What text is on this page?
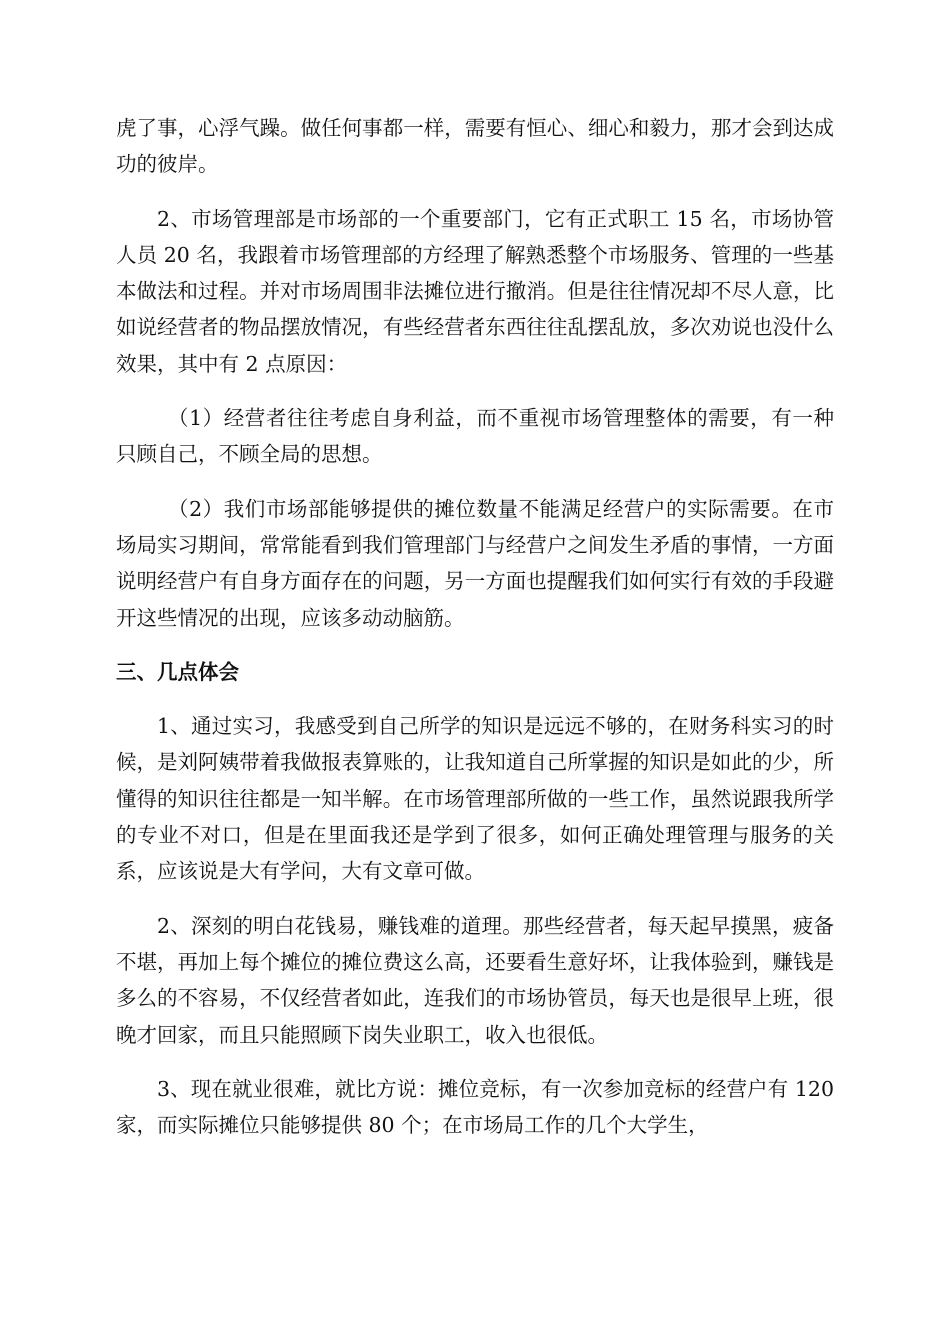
虎了事，心浮气躁。做任何事都一样，需要有恒心、细心和毅力，那才会到达成功的彼岸。

2、市场管理部是市场部的一个重要部门，它有正式职工 15 名，市场协管人员 20 名，我跟着市场管理部的方经理了解熟悉整个市场服务、管理的一些基本做法和过程。并对市场周围非法摊位进行撤消。但是往往情况却不尽人意，比如说经营者的物品摆放情况，有些经营者东西往往乱摆乱放，多次劝说也没什么效果，其中有 2 点原因：

（1）经营者往往考虑自身利益，而不重视市场管理整体的需要，有一种只顾自己，不顾全局的思想。

（2）我们市场部能够提供的摊位数量不能满足经营户的实际需要。在市场局实习期间，常常能看到我们管理部门与经营户之间发生矛盾的事情，一方面说明经营户有自身方面存在的问题，另一方面也提醒我们如何实行有效的手段避开这些情况的出现，应该多动动脑筋。

三、几点体会

1、通过实习，我感受到自己所学的知识是远远不够的，在财务科实习的时候，是刘阿姨带着我做报表算账的，让我知道自己所掌握的知识是如此的少，所懂得的知识往往都是一知半解。在市场管理部所做的一些工作，虽然说跟我所学的专业不对口，但是在里面我还是学到了很多，如何正确处理管理与服务的关系，应该说是大有学问，大有文章可做。

2、深刻的明白花钱易，赚钱难的道理。那些经营者，每天起早摸黑，疲备不堪，再加上每个摊位的摊位费这么高，还要看生意好坏，让我体验到，赚钱是多么的不容易，不仅经营者如此，连我们的市场协管员，每天也是很早上班，很晚才回家，而且只能照顾下岗失业职工，收入也很低。

3、现在就业很难，就比方说：摊位竞标，有一次参加竞标的经营户有 120 家，而实际摊位只能够提供 80 个；在市场局工作的几个大学生，
